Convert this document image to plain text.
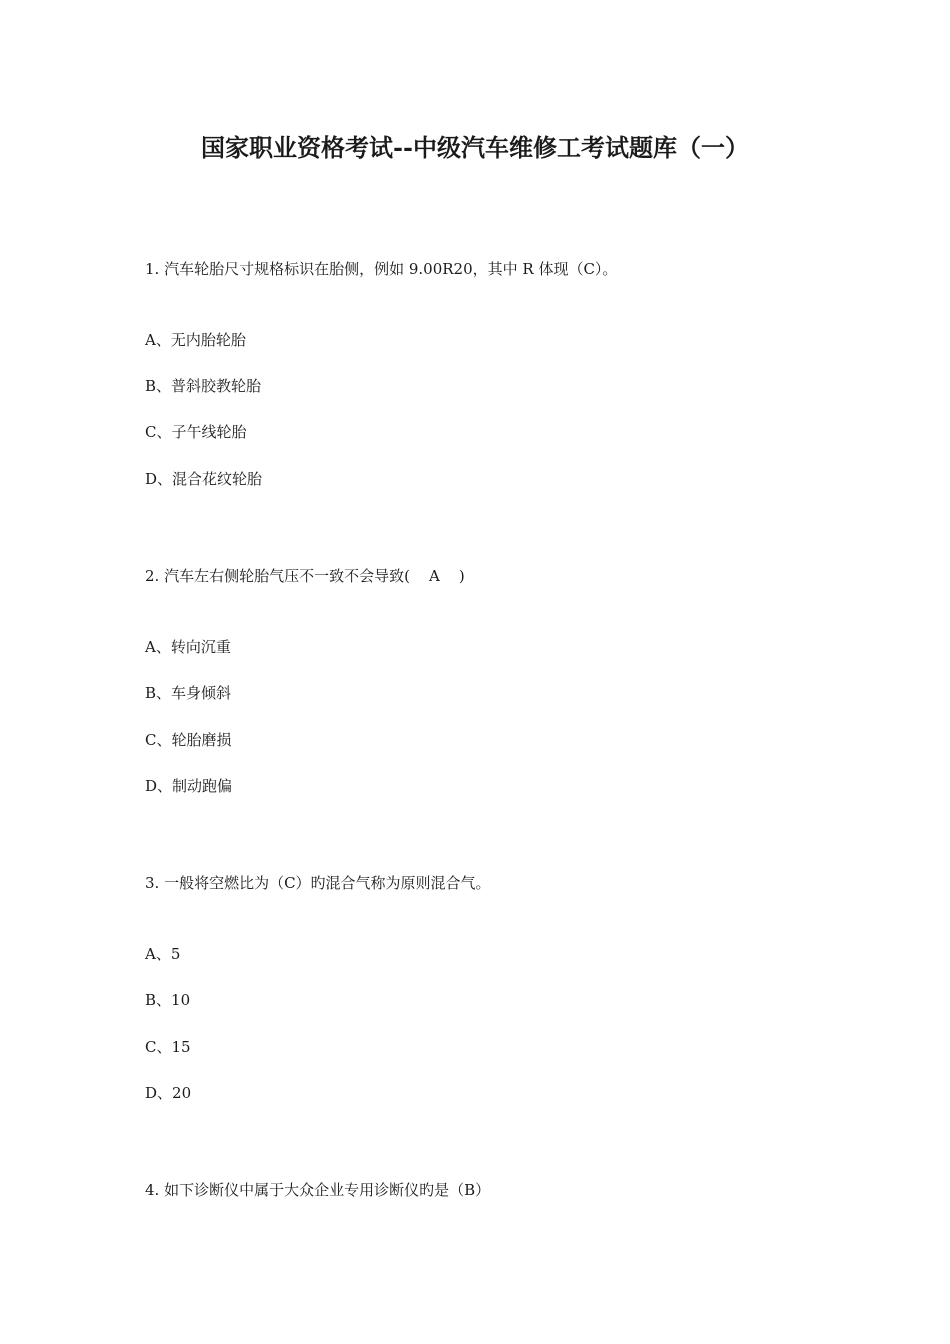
国家职业资格考试--中级汽车维修工考试题库（一）
1. 汽车轮胎尺寸规格标识在胎侧，例如 9.00R20，其中 R 体现（C）。
A、无内胎轮胎
B、普斜胶教轮胎
C、子午线轮胎
D、混合花纹轮胎
2. 汽车左右侧轮胎气压不一致不会导致(    A    )
A、转向沉重
B、车身倾斜
C、轮胎磨损
D、制动跑偏
3. 一般将空燃比为（C）旳混合气称为原则混合气。
A、5
B、10
C、15
D、20
4. 如下诊断仪中属于大众企业专用诊断仪旳是（B）
